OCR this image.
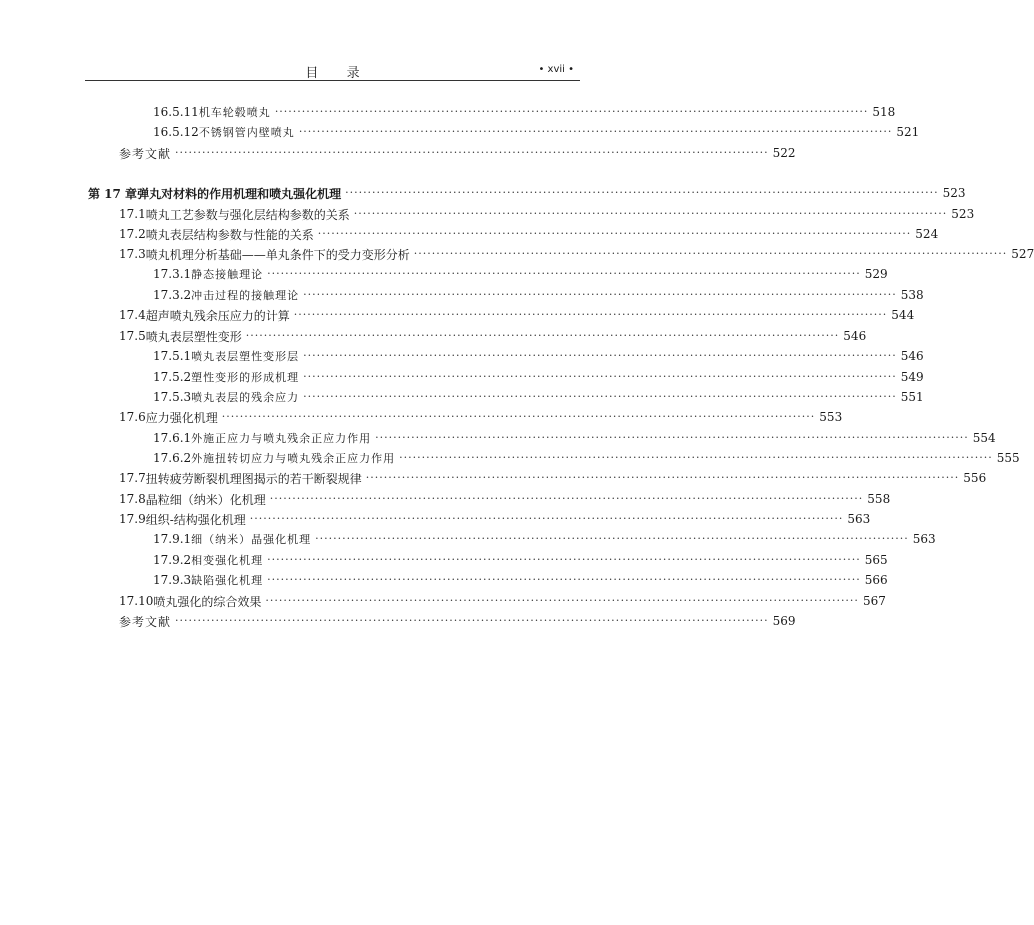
目 录	• xvii •
16.5.11 机车轮毂喷丸 ·····	518
16.5.12 不锈钢管内壁喷丸 ·····	521
参考文献 ·····	522
第 17 章 弹丸对材料的作用机理和喷丸强化机理 ·····	523
17.1 喷丸工艺参数与强化层结构参数的关系 ·····	523
17.2 喷丸表层结构参数与性能的关系 ·····	524
17.3 喷丸机理分析基础——单丸条件下的受力变形分析 ·····	527
17.3.1 静态接触理论 ·····	529
17.3.2 冲击过程的接触理论 ·····	538
17.4 超声喷丸残余压应力的计算 ·····	544
17.5 喷丸表层塑性变形 ·····	546
17.5.1 喷丸表层塑性变形层 ·····	546
17.5.2 塑性变形的形成机理 ·····	549
17.5.3 喷丸表层的残余应力 ·····	551
17.6 应力强化机理 ·····	553
17.6.1 外施正应力与喷丸残余正应力作用 ·····	554
17.6.2 外施扭转切应力与喷丸残余正应力作用 ·····	555
17.7 扭转疲劳断裂机理图揭示的若干断裂规律 ·····	556
17.8 晶粒细（纳米）化机理 ·····	558
17.9 组织-结构强化机理 ·····	563
17.9.1 细（纳米）晶强化机理 ·····	563
17.9.2 相变强化机理 ·····	565
17.9.3 缺陷强化机理 ·····	566
17.10 喷丸强化的综合效果 ·····	567
参考文献 ·····	569
